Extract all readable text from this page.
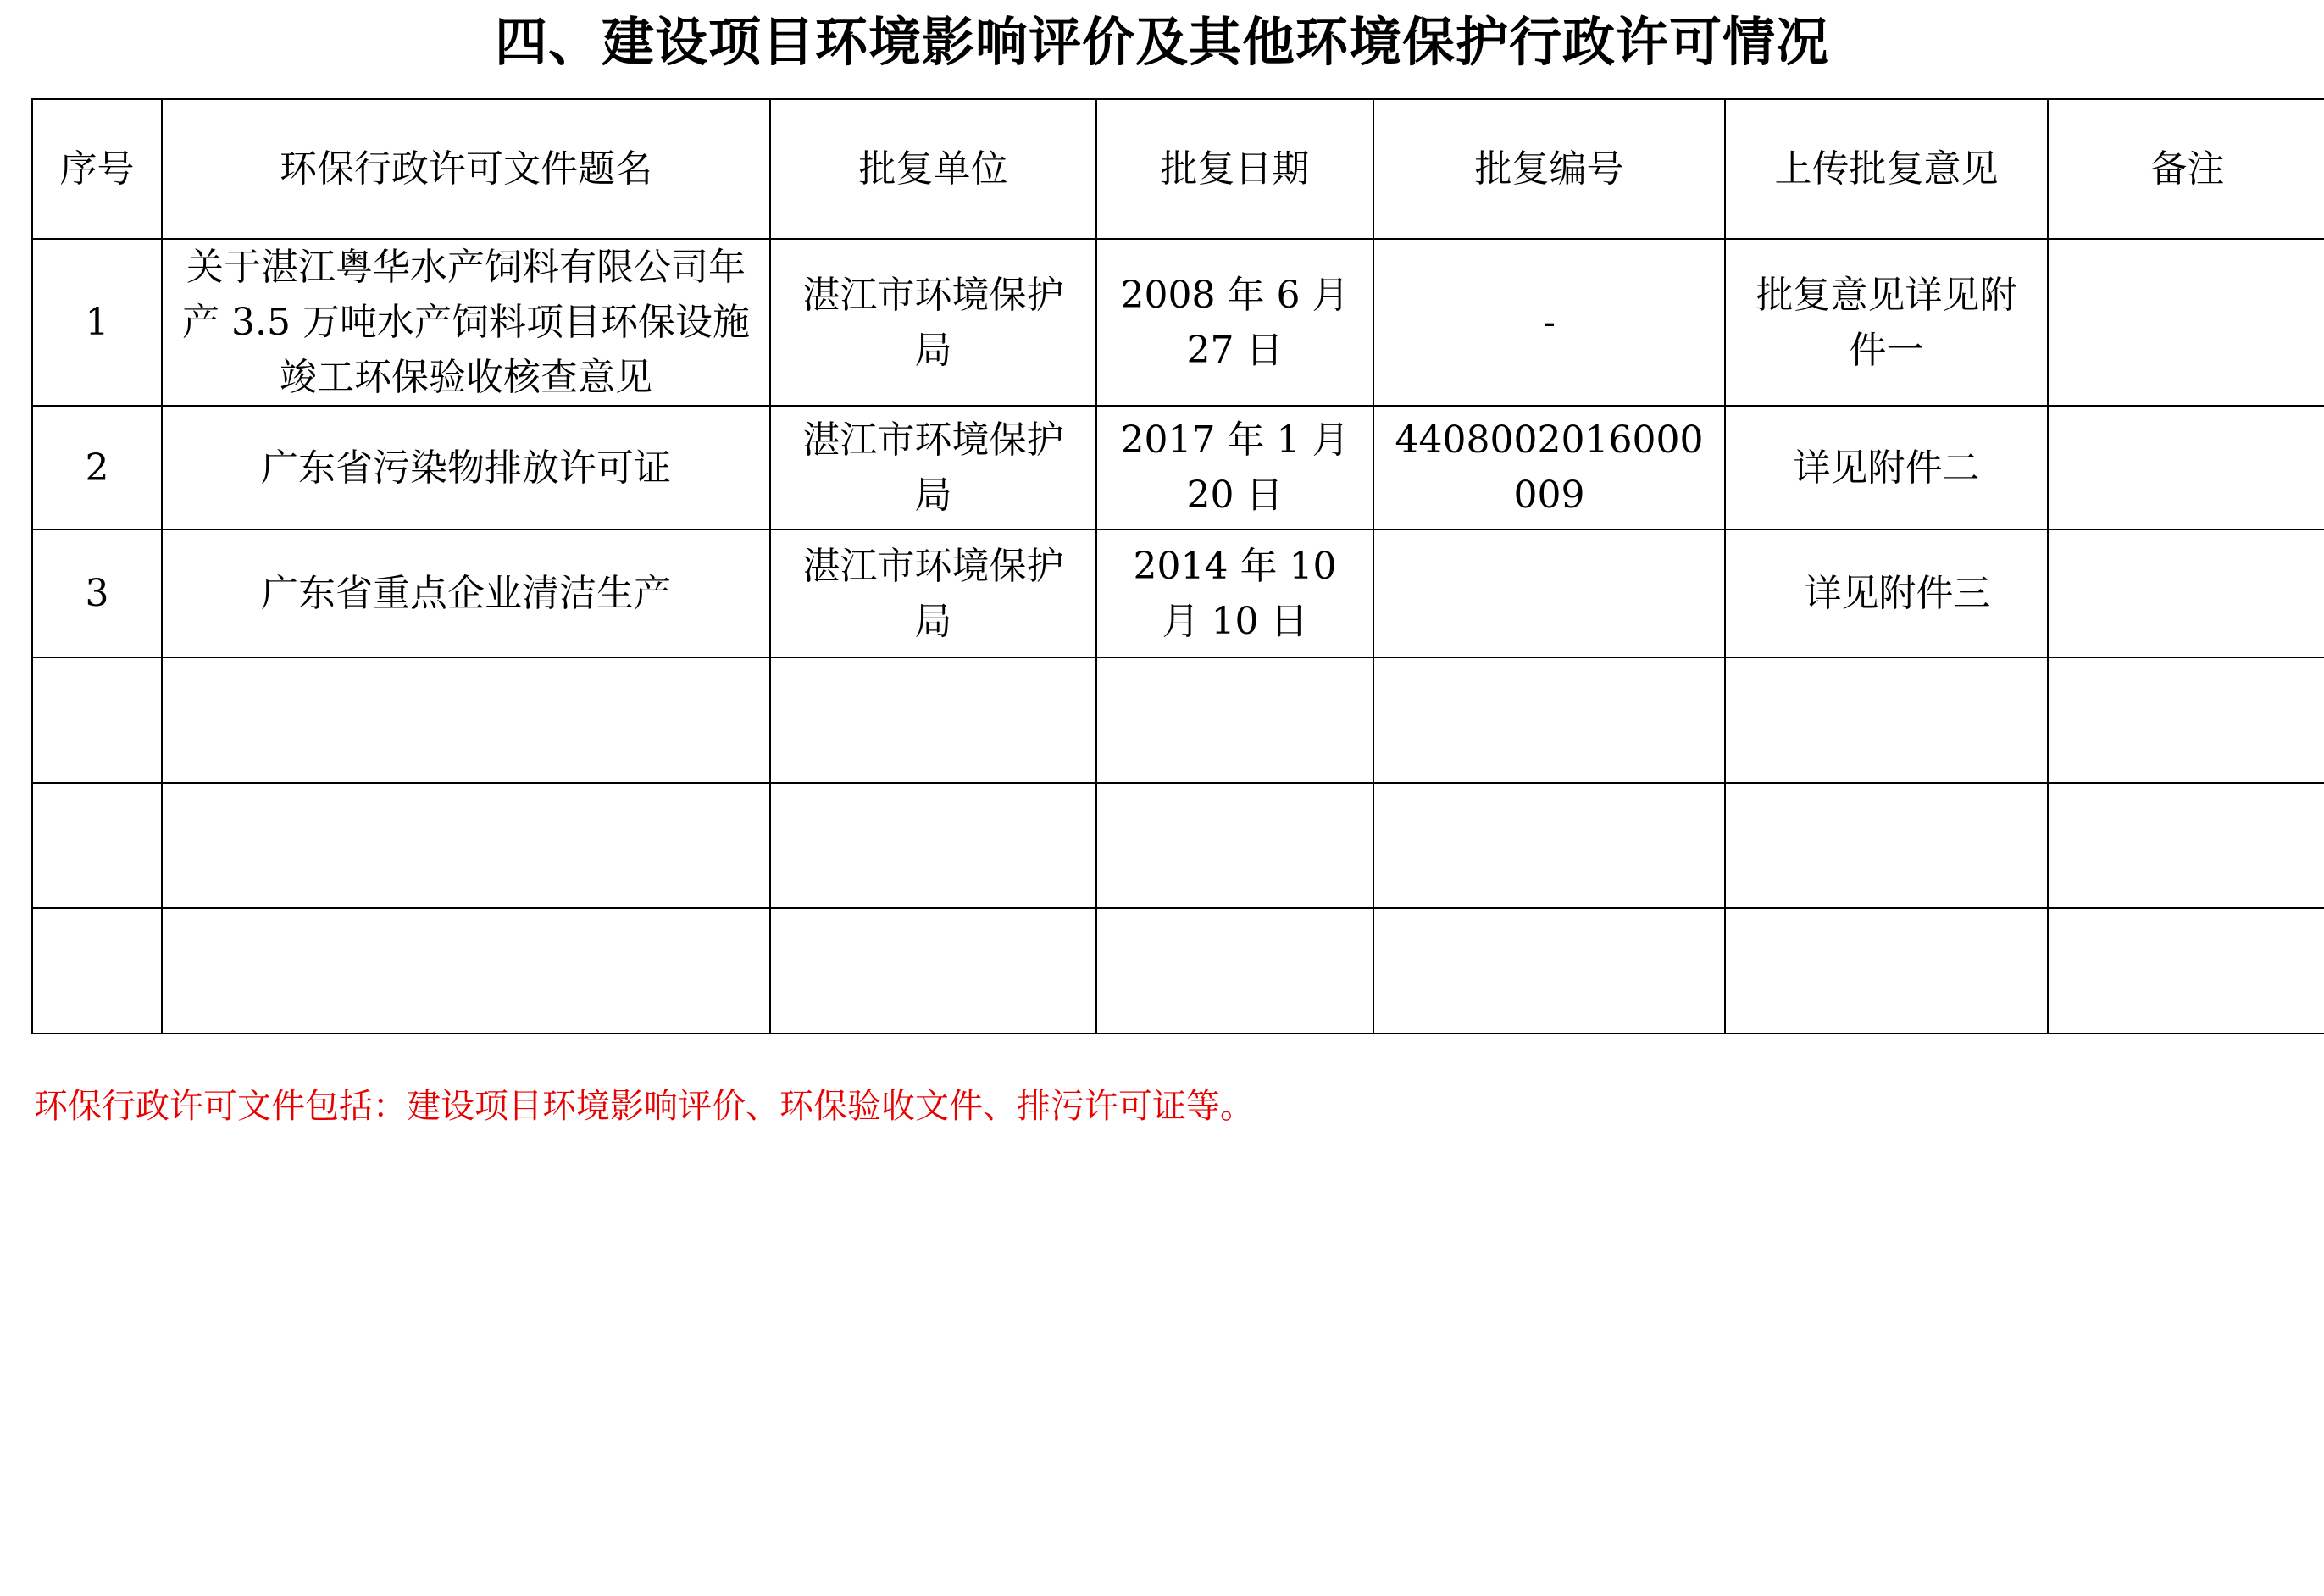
四、建设项目环境影响评价及其他环境保护行政许可情况
序号	环保行政许可文件题名	批复单位	批复日期	批复编号	上传批复意见	备注
1	关于湛江粤华水产饲料有限公司年产 3.5 万吨水产饲料项目环保设施竣工环保验收核查意见	湛江市环境保护局	2008 年 6 月 27 日	-	批复意见详见附件一	
2	广东省污染物排放许可证	湛江市环境保护局	2017 年 1 月 20 日	4408002016000009	详见附件二	
3	广东省重点企业清洁生产	湛江市环境保护局	2014 年 10 月 10 日		详见附件三	

环保行政许可文件包括：建设项目环境影响评价、环保验收文件、排污许可证等。
